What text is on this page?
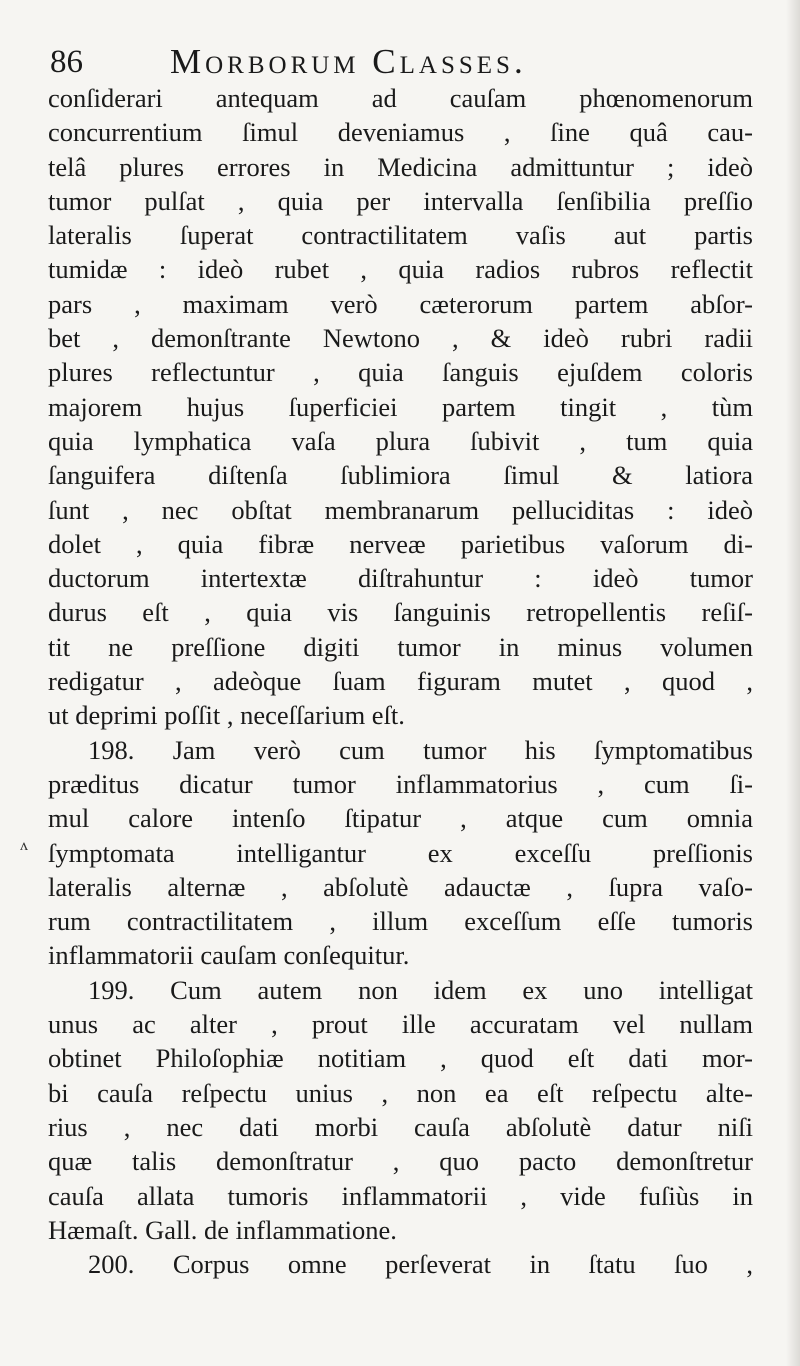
86 Morborum Classes.
ᴧ
conſiderari antequam ad cauſam phœnomenorum
concurrentium ſimul deveniamus , ſine quâ cau-
telâ plures errores in Medicina admittuntur ; ideò
tumor pulſat , quia per intervalla ſenſibilia preſſio
lateralis ſuperat contractilitatem vaſis aut partis
tumidæ : ideò rubet , quia radios rubros reflectit
pars , maximam verò cæterorum partem abſor-
bet , demonſtrante Newtono , & ideò rubri radii
plures reflectuntur , quia ſanguis ejuſdem coloris
majorem hujus ſuperficiei partem tingit , tùm
quia lymphatica vaſa plura ſubivit , tum quia
ſanguifera diſtenſa ſublimiora ſimul & latiora
ſunt , nec obſtat membranarum pelluciditas : ideò
dolet , quia fibræ nerveæ parietibus vaſorum di-
ductorum intertextæ diſtrahuntur : ideò tumor
durus eſt , quia vis ſanguinis retropellentis reſiſ-
tit ne preſſione digiti tumor in minus volumen
redigatur , adeòque ſuam figuram mutet , quod ,
ut deprimi poſſit , neceſſarium eſt.
198. Jam verò cum tumor his ſymptomatibus
præditus dicatur tumor inflammatorius , cum ſi-
mul calore intenſo ſtipatur , atque cum omnia
ſymptomata intelligantur ex exceſſu preſſionis
lateralis alternæ , abſolutè adauctæ , ſupra vaſo-
rum contractilitatem , illum exceſſum eſſe tumoris
inflammatorii cauſam conſequitur.
199. Cum autem non idem ex uno intelligat
unus ac alter , prout ille accuratam vel nullam
obtinet Philoſophiæ notitiam , quod eſt dati mor-
bi cauſa reſpectu unius , non ea eſt reſpectu alte-
rius , nec dati morbi cauſa abſolutè datur niſi
quæ talis demonſtratur , quo pacto demonſtretur
cauſa allata tumoris inflammatorii , vide fuſiùs in
Hæmaſt. Gall. de inflammatione.
200. Corpus omne perſeverat in ſtatu ſuo ,
